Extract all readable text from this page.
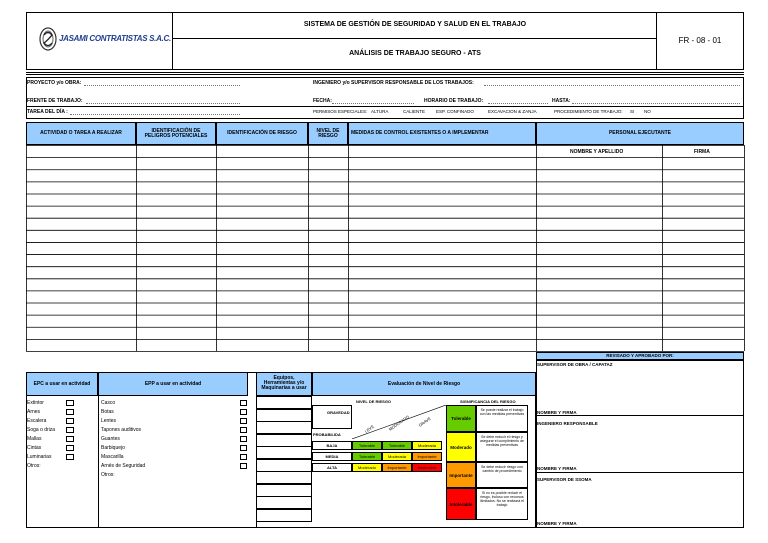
JASAMI CONTRATISTAS S.A.C.
SISTEMA DE GESTIÓN DE SEGURIDAD Y SALUD EN EL TRABAJO
ANÁLISIS DE TRABAJO SEGURO - ATS
FR - 08 - 01
PROYECTO y/o OBRA:	INGENIERO y/o SUPERVISOR RESPONSABLE DE LOS TRABAJOS:
FRENTE DE TRABAJO:	FECHA:	HORARIO DE TRABAJO:	HASTA:
TAREA DEL DÍA :	PERMISOS ESPECIALES: ALTURA	CALIENTE ESP. CONFINADO	EXCAVACION & ZANJA	PROCEDIMIENTO DE TRABAJO: SI NO
ACTIVIDAD O TAREA A REALIZAR	IDENTIFICACIÓN DE PELIGROS POTENCIALES	IDENTIFICACIÓN DE RIESGO	NIVEL DE RIESGO	MEDIDAS DE CONTROL EXISTENTES O A IMPLEMENTAR	PERSONAL EJECUTANTE
NOMBRE Y APELLIDO	FIRMA
REVISADO Y APROBADO POR:
SUPERVISOR DE OBRA / CAPATAZ
NOMBRE Y FIRMA
INGENIERO RESPONSABLE
NOMBRE Y FIRMA
SUPERVISOR DE SSOMA
NOMBRE Y FIRMA
EPC a usar en actividad	EPP a usar en actividad
Equipos, Herramientas y/o Maquinarias a usar
Evaluación de Nivel de Riesgo
Extintor
Arnes
Escalera
Soga o driza
Mallas
Cintas
Luminarias
Otros:
Casco
Botas
Lentes
Tapones auditivos
Guantes
Barbiquejo
Mascarilla
Arnés de Seguridad
Otros:
NIVEL DE RIESGO	SIGNIFICANCIA DEL RIESGO
GRAVEDAD
PROBABILIDA
LEVE	MODERADO GRAVE
BAJA	Tolerable	Tolerable	Moderada
MEDIA	Tolerable	Moderada	Importante
ALTA	Moderado	Importante	Intolerable
Tolerable
Se puede realizar el trabajo con las medidas preventivas
Moderado
Se debe reducir el riesgo y asegurar el cumplimiento de medidas preventivas
Importante
Se debe reducir riesgo con cambio de procedimiento
Intolerable
Si no es posible reducir el riesgo, incluso con recursos ilimitados. No se realizará el trabajo
